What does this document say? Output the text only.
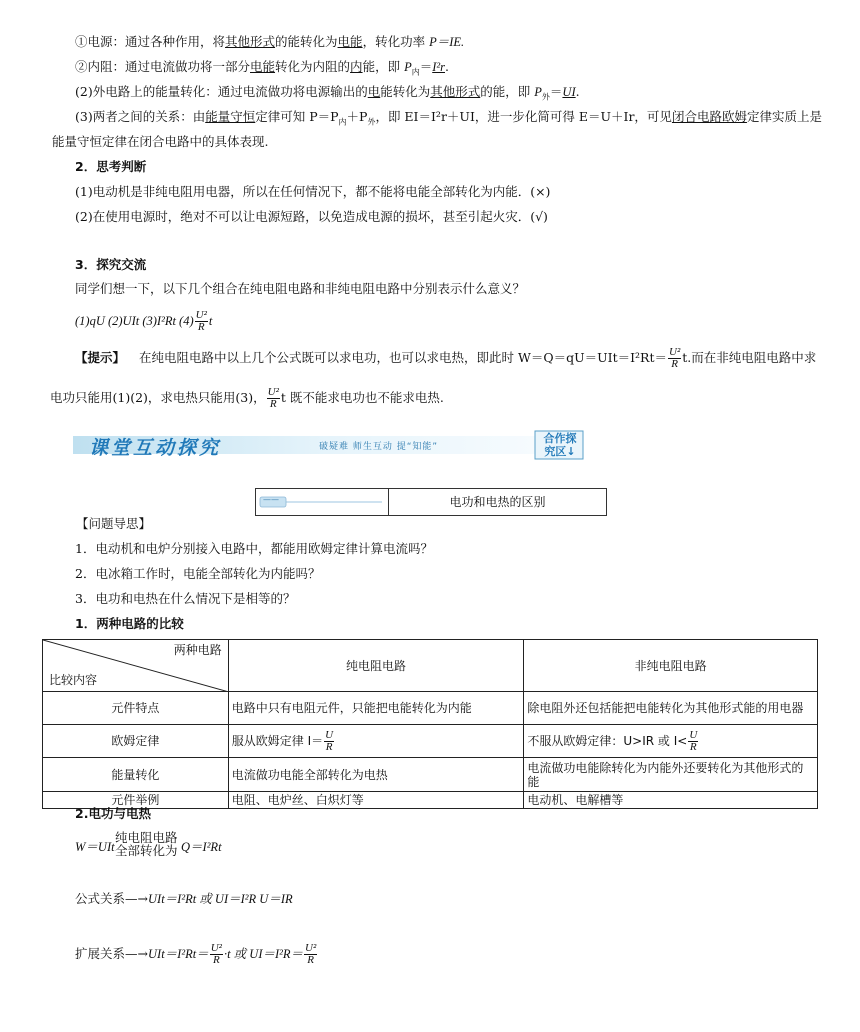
①电源：通过各种作用，将其他形式的能转化为电能，转化功率 P＝IE.
②内阻：通过电流做功将一部分电能转化为内阻的内能，即 $P_内=I^2r$.
(2)外电路上的能量转化：通过电流做功将电源输出的电能转化为其他形式的能，即 $P_外=UI$.
(3)两者之间的关系：由能量守恒定律可知 $P=P_内+P_外$，即 EI＝I²r＋UI，进一步化简可得 E＝U＋Ir，可见闭合电路欧姆定律实质上是
能量守恒定律在闭合电路中的具体表现.
2．思考判断
(1)电动机是非纯电阻用电器，所以在任何情况下，都不能将电能全部转化为内能．(×)
(2)在使用电源时，绝对不可以让电源短路，以免造成电源的损坏，甚至引起火灾．(√)
3．探究交流
同学们想一下，以下几个组合在纯电阻电路和非纯电阻电路中分别表示什么意义？
(1)qU (2)UIt (3)I²Rt $(4) \frac{\text{U²}}{R}$ t
【提示】 在纯电阻电路中以上几个公式既可以求电功，也可以求电热，即此时 $W=Q=qU=UIt=I^2Rt= \frac{\text{U²}}{R} t$.而在非纯电阻电路中求
电功只能用(1)(2)，求电热只能用(3)， $\frac{\text{U²}}{R}$ t 既不能求电功也不能求电热.
课堂互动探究	破疑难 师生互动 提“知能”
合作探
究区↓
——	电功和电热的区别
【问题导思】
1．电动机和电炉分别接入电路中，都能用欧姆定律计算电流吗？
2．电冰箱工作时，电能全部转化为内能吗？
3．电功和电热在什么情况下是相等的？
1．两种电路的比较
两种电路
比较内容	纯电阻电路	非纯电阻电路
元件特点	电路中只有电阻元件，只能把电能转化为内能	除电阻外还包括能把电能转化为其他形式能的用电器
欧姆定律	服从欧姆定律 $I= \frac{U}{R}$	不服从欧姆定律：U>IR 或 $I< \frac{U}{R}$

能量转化	电流做功电能全部转化为电热	电流做功电能除转化为内能外还要转化为其他形式的能
元件举例	电阻、电炉丝、白炽灯等	电动机、电解槽等
2.电功与电热
W＝UIt
纯电阻电路
全部转化为 Q＝I²Rt
公式关系—→UIt＝I²Rt 或 UI＝I²R U＝IR
扩展关系—→UIt＝I²Rt＝ $\frac{\text{U²}}{R} \cdot t$ 或 $UI=I^2R= \frac{\text{U²}}{R}$
